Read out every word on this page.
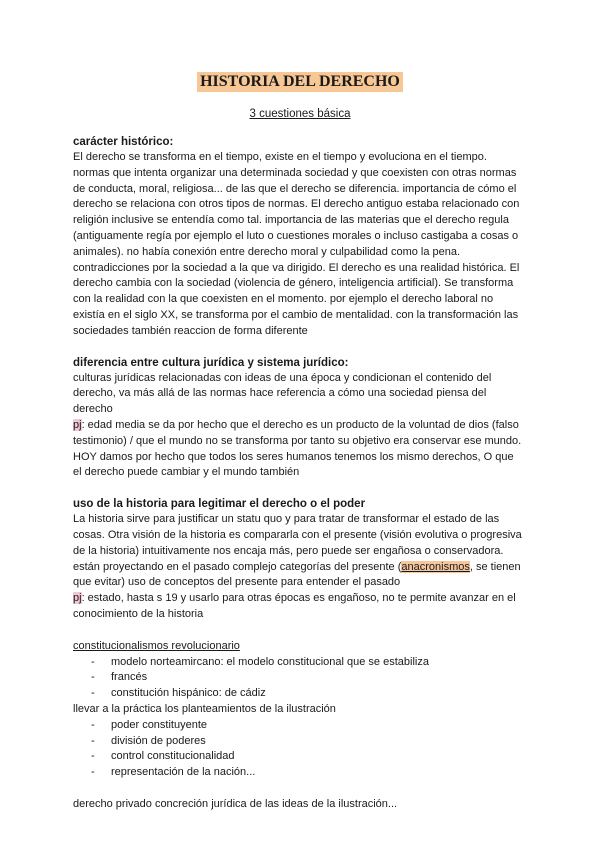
HISTORIA DEL DERECHO
3 cuestiones básica
carácter histórico:

El derecho se transforma en el tiempo, existe en el tiempo y evoluciona en el tiempo. normas que intenta organizar una determinada sociedad y que coexisten con otras normas de conducta, moral, religiosa... de las que el derecho se diferencia. importancia de cómo el derecho se relaciona con otros tipos de normas. El derecho antiguo estaba relacionado con religión inclusive se entendía como tal. importancia de las materias que el derecho regula (antiguamente regía por ejemplo el luto o cuestiones morales o incluso castigaba a cosas o animales). no había conexión entre derecho moral y culpabilidad como la pena. contradicciones por la sociedad a la que va dirigido. El derecho es una realidad histórica. El derecho cambia con la sociedad (violencia de género, inteligencia artificial). Se transforma con la realidad con la que coexisten en el momento. por ejemplo el derecho laboral no existía en el siglo XX, se transforma por el cambio de mentalidad. con la transformación las sociedades también reaccion de forma diferente

diferencia entre cultura jurídica y sistema jurídico:

culturas jurídicas relacionadas con ideas de una época y condicionan el contenido del derecho, va más allá de las normas hace referencia a cómo una sociedad piensa del derecho

pj: edad media se da por hecho que el derecho es un producto de la voluntad de dios (falso testimonio) / que el mundo no se transforma por tanto su objetivo era conservar ese mundo. HOY damos por hecho que todos los seres humanos tenemos los mismo derechos, O que el derecho puede cambiar y el mundo también

uso de la historia para legitimar el derecho o el poder

La historia sirve para justificar un statu quo y para tratar de transformar el estado de las cosas. Otra visión de la historia es compararla con el presente (visión evolutiva o progresiva de la historia) intuitivamente nos encaja más, pero puede ser engañosa o conservadora. están proyectando en el pasado complejo categorías del presente (anacronismos, se tienen que evitar) uso de conceptos del presente para entender el pasado

pj: estado, hasta s 19 y usarlo para otras épocas es engañoso, no te permite avanzar en el conocimiento de la historia

constitucionalismos revolucionario
- modelo norteamircano: el modelo constitucional que se estabiliza
- francés
- constitución hispánico: de cádiz

llevar a la práctica los planteamientos de la ilustración

- poder constituyente
- división de poderes
- control constitucionalidad
- representación de la nación...

derecho privado concreción jurídica de las ideas de la ilustración...
